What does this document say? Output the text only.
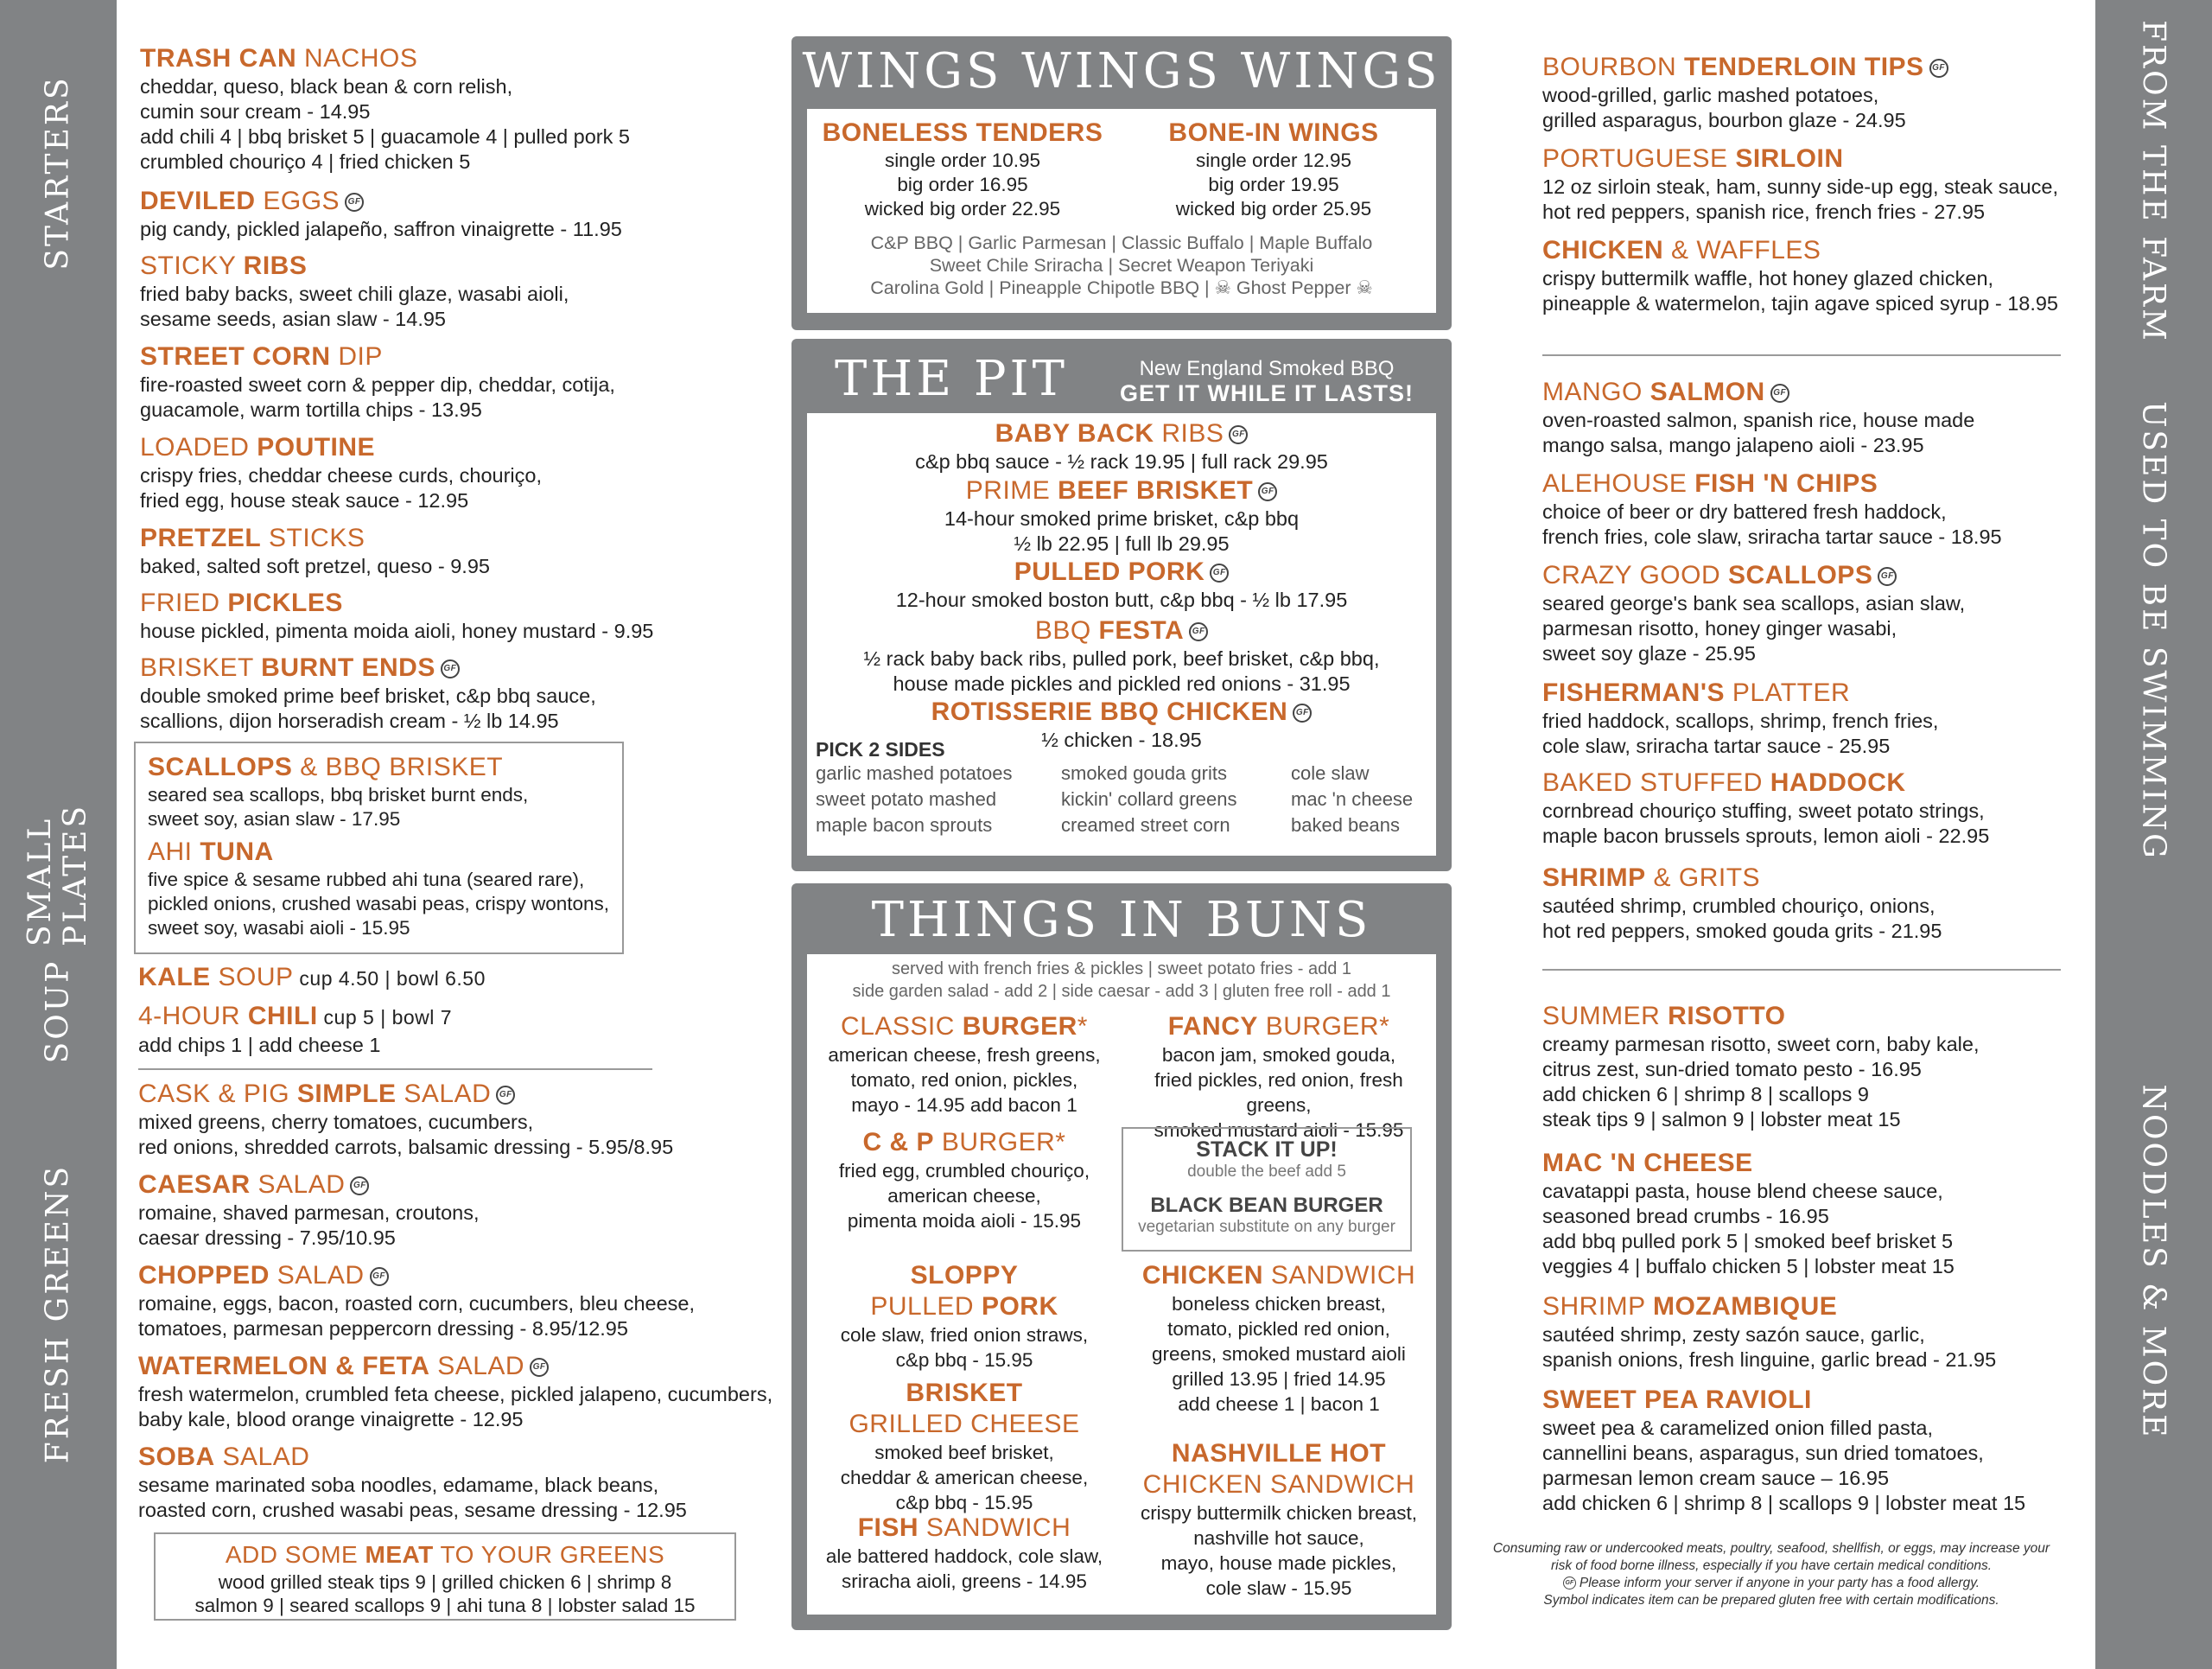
STARTERS
SMALL PLATES
SOUP
FRESH GREENS
FROM THE FARM
USED TO BE SWIMMING
NOODLES & MORE
TRASH CAN NACHOS
cheddar, queso, black bean & corn relish,
cumin sour cream - 14.95
add chili 4 | bbq brisket 5 | guacamole 4 | pulled pork 5
crumbled chouriço 4 | fried chicken 5
DEVILED EGGS GF
pig candy, pickled jalapeño, saffron vinaigrette - 11.95
STICKY RIBS
fried baby backs, sweet chili glaze, wasabi aioli,
sesame seeds, asian slaw - 14.95
STREET CORN DIP
fire-roasted sweet corn & pepper dip, cheddar, cotija,
guacamole, warm tortilla chips - 13.95
LOADED POUTINE
crispy fries, cheddar cheese curds, chouriço,
fried egg, house steak sauce - 12.95
PRETZEL STICKS
baked, salted soft pretzel, queso - 9.95
FRIED PICKLES
house pickled, pimenta moida aioli, honey mustard - 9.95
BRISKET BURNT ENDS GF
double smoked prime beef brisket, c&p bbq sauce,
scallions, dijon horseradish cream - ½ lb 14.95
SCALLOPS & BBQ BRISKET
seared sea scallops, bbq brisket burnt ends,
sweet soy, asian slaw - 17.95
AHI TUNA
five spice & sesame rubbed ahi tuna (seared rare),
pickled onions, crushed wasabi peas, crispy wontons,
sweet soy, wasabi aioli - 15.95
KALE SOUP cup 4.50 | bowl 6.50
4-HOUR CHILI cup 5 | bowl 7
add chips 1 | add cheese 1
CASK & PIG SIMPLE SALAD GF
mixed greens, cherry tomatoes, cucumbers,
red onions, shredded carrots, balsamic dressing - 5.95/8.95
CAESAR SALAD GF
romaine, shaved parmesan, croutons,
caesar dressing - 7.95/10.95
CHOPPED SALAD GF
romaine, eggs, bacon, roasted corn, cucumbers, bleu cheese,
tomatoes, parmesan peppercorn dressing - 8.95/12.95
WATERMELON & FETA SALAD GF
fresh watermelon, crumbled feta cheese, pickled jalapeno, cucumbers,
baby kale, blood orange vinaigrette - 12.95
SOBA SALAD
sesame marinated soba noodles, edamame, black beans,
roasted corn, crushed wasabi peas, sesame dressing - 12.95
ADD SOME MEAT TO YOUR GREENS
wood grilled steak tips 9 | grilled chicken 6 | shrimp 8
salmon 9 | seared scallops 9 | ahi tuna 8 | lobster salad 15
WINGS WINGS WINGS
BONELESS TENDERS
single order 10.95
big order 16.95
wicked big order 22.95
BONE-IN WINGS
single order 12.95
big order 19.95
wicked big order 25.95
C&P BBQ | Garlic Parmesan | Classic Buffalo | Maple Buffalo
Sweet Chile Sriracha | Secret Weapon Teriyaki
Carolina Gold | Pineapple Chipotle BBQ | ☠ Ghost Pepper ☠
THE PIT	New England Smoked BBQ
GET IT WHILE IT LASTS!
BABY BACK RIBS GF
c&p bbq sauce - ½ rack 19.95 | full rack 29.95
PRIME BEEF BRISKET GF
14-hour smoked prime brisket, c&p bbq
½ lb 22.95 | full lb 29.95
PULLED PORK GF
12-hour smoked boston butt, c&p bbq - ½ lb 17.95
BBQ FESTA GF
½ rack baby back ribs, pulled pork, beef brisket, c&p bbq,
house made pickles and pickled red onions - 31.95
ROTISSERIE BBQ CHICKEN GF
½ chicken - 18.95
PICK 2 SIDES
garlic mashed potatoes
sweet potato mashed
maple bacon sprouts
smoked gouda grits
kickin' collard greens
creamed street corn
cole slaw
mac 'n cheese
baked beans
THINGS IN BUNS
served with french fries & pickles | sweet potato fries - add 1
side garden salad - add 2 | side caesar - add 3 | gluten free roll - add 1
CLASSIC BURGER*
american cheese, fresh greens,
tomato, red onion, pickles,
mayo - 14.95 add bacon 1
FANCY BURGER*
bacon jam, smoked gouda,
fried pickles, red onion, fresh greens,
smoked mustard aioli - 15.95
C & P BURGER*
fried egg, crumbled chouriço,
american cheese,
pimenta moida aioli - 15.95
STACK IT UP!
double the beef add 5
BLACK BEAN BURGER
vegetarian substitute on any burger
SLOPPY
PULLED PORK
cole slaw, fried onion straws,
c&p bbq - 15.95
CHICKEN SANDWICH
boneless chicken breast,
tomato, pickled red onion,
greens, smoked mustard aioli
grilled 13.95 | fried 14.95
add cheese 1 | bacon 1
BRISKET
GRILLED CHEESE
smoked beef brisket,
cheddar & american cheese,
c&p bbq - 15.95
NASHVILLE HOT
CHICKEN SANDWICH
crispy buttermilk chicken breast,
nashville hot sauce,
mayo, house made pickles,
cole slaw - 15.95
FISH SANDWICH
ale battered haddock, cole slaw,
sriracha aioli, greens - 14.95
BOURBON TENDERLOIN TIPS GF
wood-grilled, garlic mashed potatoes,
grilled asparagus, bourbon glaze - 24.95
PORTUGUESE SIRLOIN
12 oz sirloin steak, ham, sunny side-up egg, steak sauce,
hot red peppers, spanish rice, french fries - 27.95
CHICKEN & WAFFLES
crispy buttermilk waffle, hot honey glazed chicken,
pineapple & watermelon, tajin agave spiced syrup - 18.95
MANGO SALMON GF
oven-roasted salmon, spanish rice, house made
mango salsa, mango jalapeno aioli - 23.95
ALEHOUSE FISH 'N CHIPS
choice of beer or dry battered fresh haddock,
french fries, cole slaw, sriracha tartar sauce - 18.95
CRAZY GOOD SCALLOPS GF
seared george's bank sea scallops, asian slaw,
parmesan risotto, honey ginger wasabi,
sweet soy glaze - 25.95
FISHERMAN'S PLATTER
fried haddock, scallops, shrimp, french fries,
cole slaw, sriracha tartar sauce - 25.95
BAKED STUFFED HADDOCK
cornbread chouriço stuffing, sweet potato strings,
maple bacon brussels sprouts, lemon aioli - 22.95
SHRIMP & GRITS
sautéed shrimp, crumbled chouriço, onions,
hot red peppers, smoked gouda grits - 21.95
SUMMER RISOTTO
creamy parmesan risotto, sweet corn, baby kale,
citrus zest, sun-dried tomato pesto - 16.95
add chicken 6 | shrimp 8 | scallops 9
steak tips 9 | salmon 9 | lobster meat 15
MAC 'N CHEESE
cavatappi pasta, house blend cheese sauce,
seasoned bread crumbs - 16.95
add bbq pulled pork 5 | smoked beef brisket 5
veggies 4 | buffalo chicken 5 | lobster meat 15
SHRIMP MOZAMBIQUE
sautéed shrimp, zesty sazón sauce, garlic,
spanish onions, fresh linguine, garlic bread - 21.95
SWEET PEA RAVIOLI
sweet pea & caramelized onion filled pasta,
cannellini beans, asparagus, sun dried tomatoes,
parmesan lemon cream sauce – 16.95
add chicken 6 | shrimp 8 | scallops 9 | lobster meat 15
Consuming raw or undercooked meats, poultry, seafood, shellfish, or eggs, may increase your
risk of food borne illness, especially if you have certain medical conditions.
GF Please inform your server if anyone in your party has a food allergy.
Symbol indicates item can be prepared gluten free with certain modifications.
